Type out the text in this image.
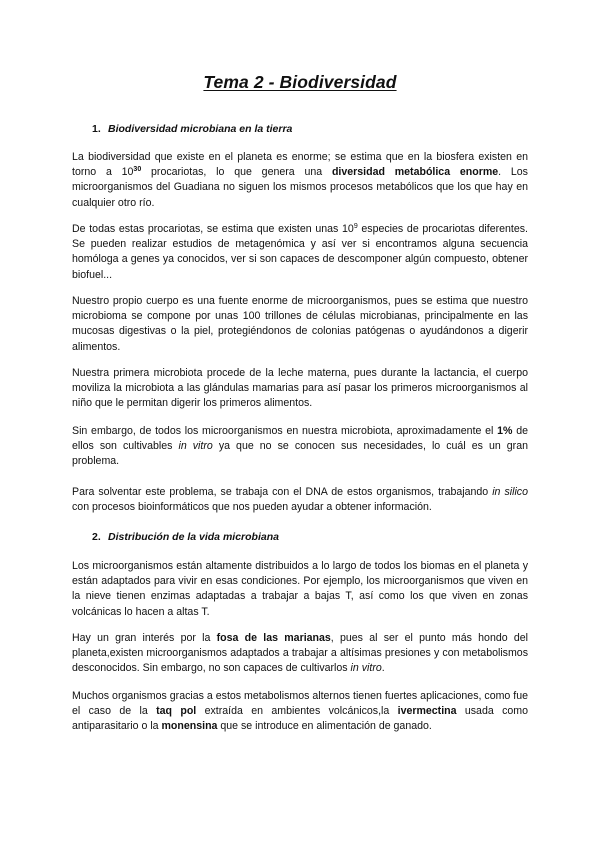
Tema 2 - Biodiversidad
1. Biodiversidad microbiana en la tierra
La biodiversidad que existe en el planeta es enorme; se estima que en la biosfera existen en torno a $10^{30}$ procariotas, lo que genera una diversidad metabólica enorme. Los microorganismos del Guadiana no siguen los mismos procesos metabólicos que los que hay en cualquier otro río.
De todas estas procariotas, se estima que existen unas $10^9$ especies de procariotas diferentes. Se pueden realizar estudios de metagenómica y así ver si encontramos alguna secuencia homóloga a genes ya conocidos, ver si son capaces de descomponer algún compuesto, obtener biofuel...
Nuestro propio cuerpo es una fuente enorme de microorganismos, pues se estima que nuestro microbioma se compone por unas 100 trillones de células microbianas, principalmente en las mucosas digestivas o la piel, protegiéndonos de colonias patógenas o ayudándonos a digerir alimentos.
Nuestra primera microbiota procede de la leche materna, pues durante la lactancia, el cuerpo moviliza la microbiota a las glándulas mamarias para así pasar los primeros microorganismos al niño que le permitan digerir los primeros alimentos.
Sin embargo, de todos los microorganismos en nuestra microbiota, aproximadamente el 1% de ellos son cultivables in vitro ya que no se conocen sus necesidades, lo cuál es un gran problema.
Para solventar este problema, se trabaja con el DNA de estos organismos, trabajando in silico con procesos bioinformáticos que nos pueden ayudar a obtener información.
2. Distribución de la vida microbiana
Los microorganismos están altamente distribuidos a lo largo de todos los biomas en el planeta y están adaptados para vivir en esas condiciones. Por ejemplo, los microorganismos que viven en la nieve tienen enzimas adaptadas a trabajar a bajas T, así como los que viven en zonas volcánicas lo hacen a altas T.
Hay un gran interés por la fosa de las marianas, pues al ser el punto más hondo del planeta,existen microorganismos adaptados a trabajar a altísimas presiones y con metabolismos desconocidos. Sin embargo, no son capaces de cultivarlos in vitro.
Muchos organismos gracias a estos metabolismos alternos tienen fuertes aplicaciones, como fue el caso de la taq pol extraída en ambientes volcánicos,la ivermectina usada como antiparasitario o la monensina que se introduce en alimentación de ganado.
